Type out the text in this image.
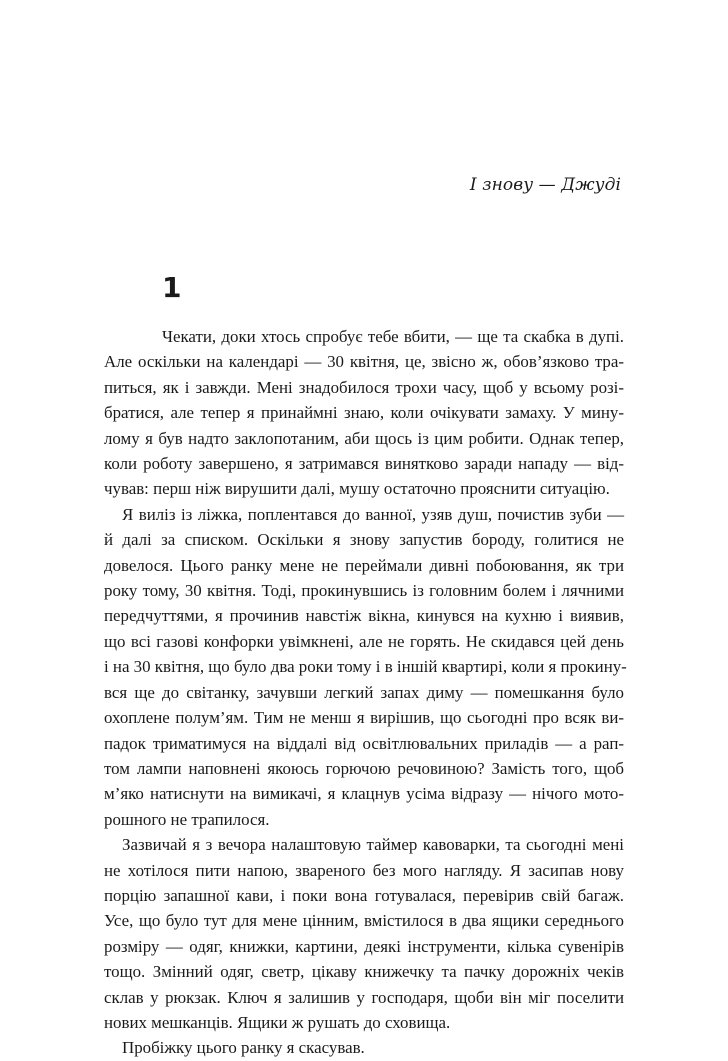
І знову — Джуді

1

Чекати, доки хтось спробує тебе вбити, — ще та скабка в дупі.
Але оскільки на календарі — 30 квітня, це, звісно ж, обов’язково тра-
питься, як і завжди. Мені знадобилося трохи часу, щоб у всьому розі-
братися, але тепер я принаймні знаю, коли очікувати замаху. У мину-
лому я був надто заклопотаним, аби щось із цим робити. Однак тепер,
коли роботу завершено, я затримався винятково заради нападу — від-
чував: перш ніж вирушити далі, мушу остаточно прояснити ситуацію.

Я виліз із ліжка, поплентався до ванної, узяв душ, почистив зуби —
й далі за списком. Оскільки я знову запустив бороду, голитися не
довелося. Цього ранку мене не переймали дивні побоювання, як три
року тому, 30 квітня. Тоді, прокинувшись із головним болем і лячними
передчуттями, я прочинив навстіж вікна, кинувся на кухню і виявив,
що всі газові конфорки увімкнені, але не горять. Не скидався цей день
і на 30 квітня, що було два роки тому і в іншій квартирі, коли я прокину-
вся ще до світанку, зачувши легкий запах диму — помешкання було
охоплене полум’ям. Тим не менш я вирішив, що сьогодні про всяк ви-
падок триматимуся на віддалі від освітлювальних приладів — а рап-
том лампи наповнені якоюсь горючою речовиною? Замість того, щоб
м’яко натиснути на вимикачі, я клацнув усіма відразу — нічого мото-
рошного не трапилося.

Зазвичай я з вечора налаштовую таймер кавоварки, та сьогодні мені
не хотілося пити напою, звареного без мого нагляду. Я засипав нову
порцію запашної кави, і поки вона готувалася, перевірив свій багаж.
Усе, що було тут для мене цінним, вмістилося в два ящики середнього
розміру — одяг, книжки, картини, деякі інструменти, кілька сувенірів
тощо. Змінний одяг, светр, цікаву книжечку та пачку дорожніх чеків
склав у рюкзак. Ключ я залишив у господаря, щоби він міг поселити
нових мешканців. Ящики ж рушать до сховища.

Пробіжку цього ранку я скасував.
